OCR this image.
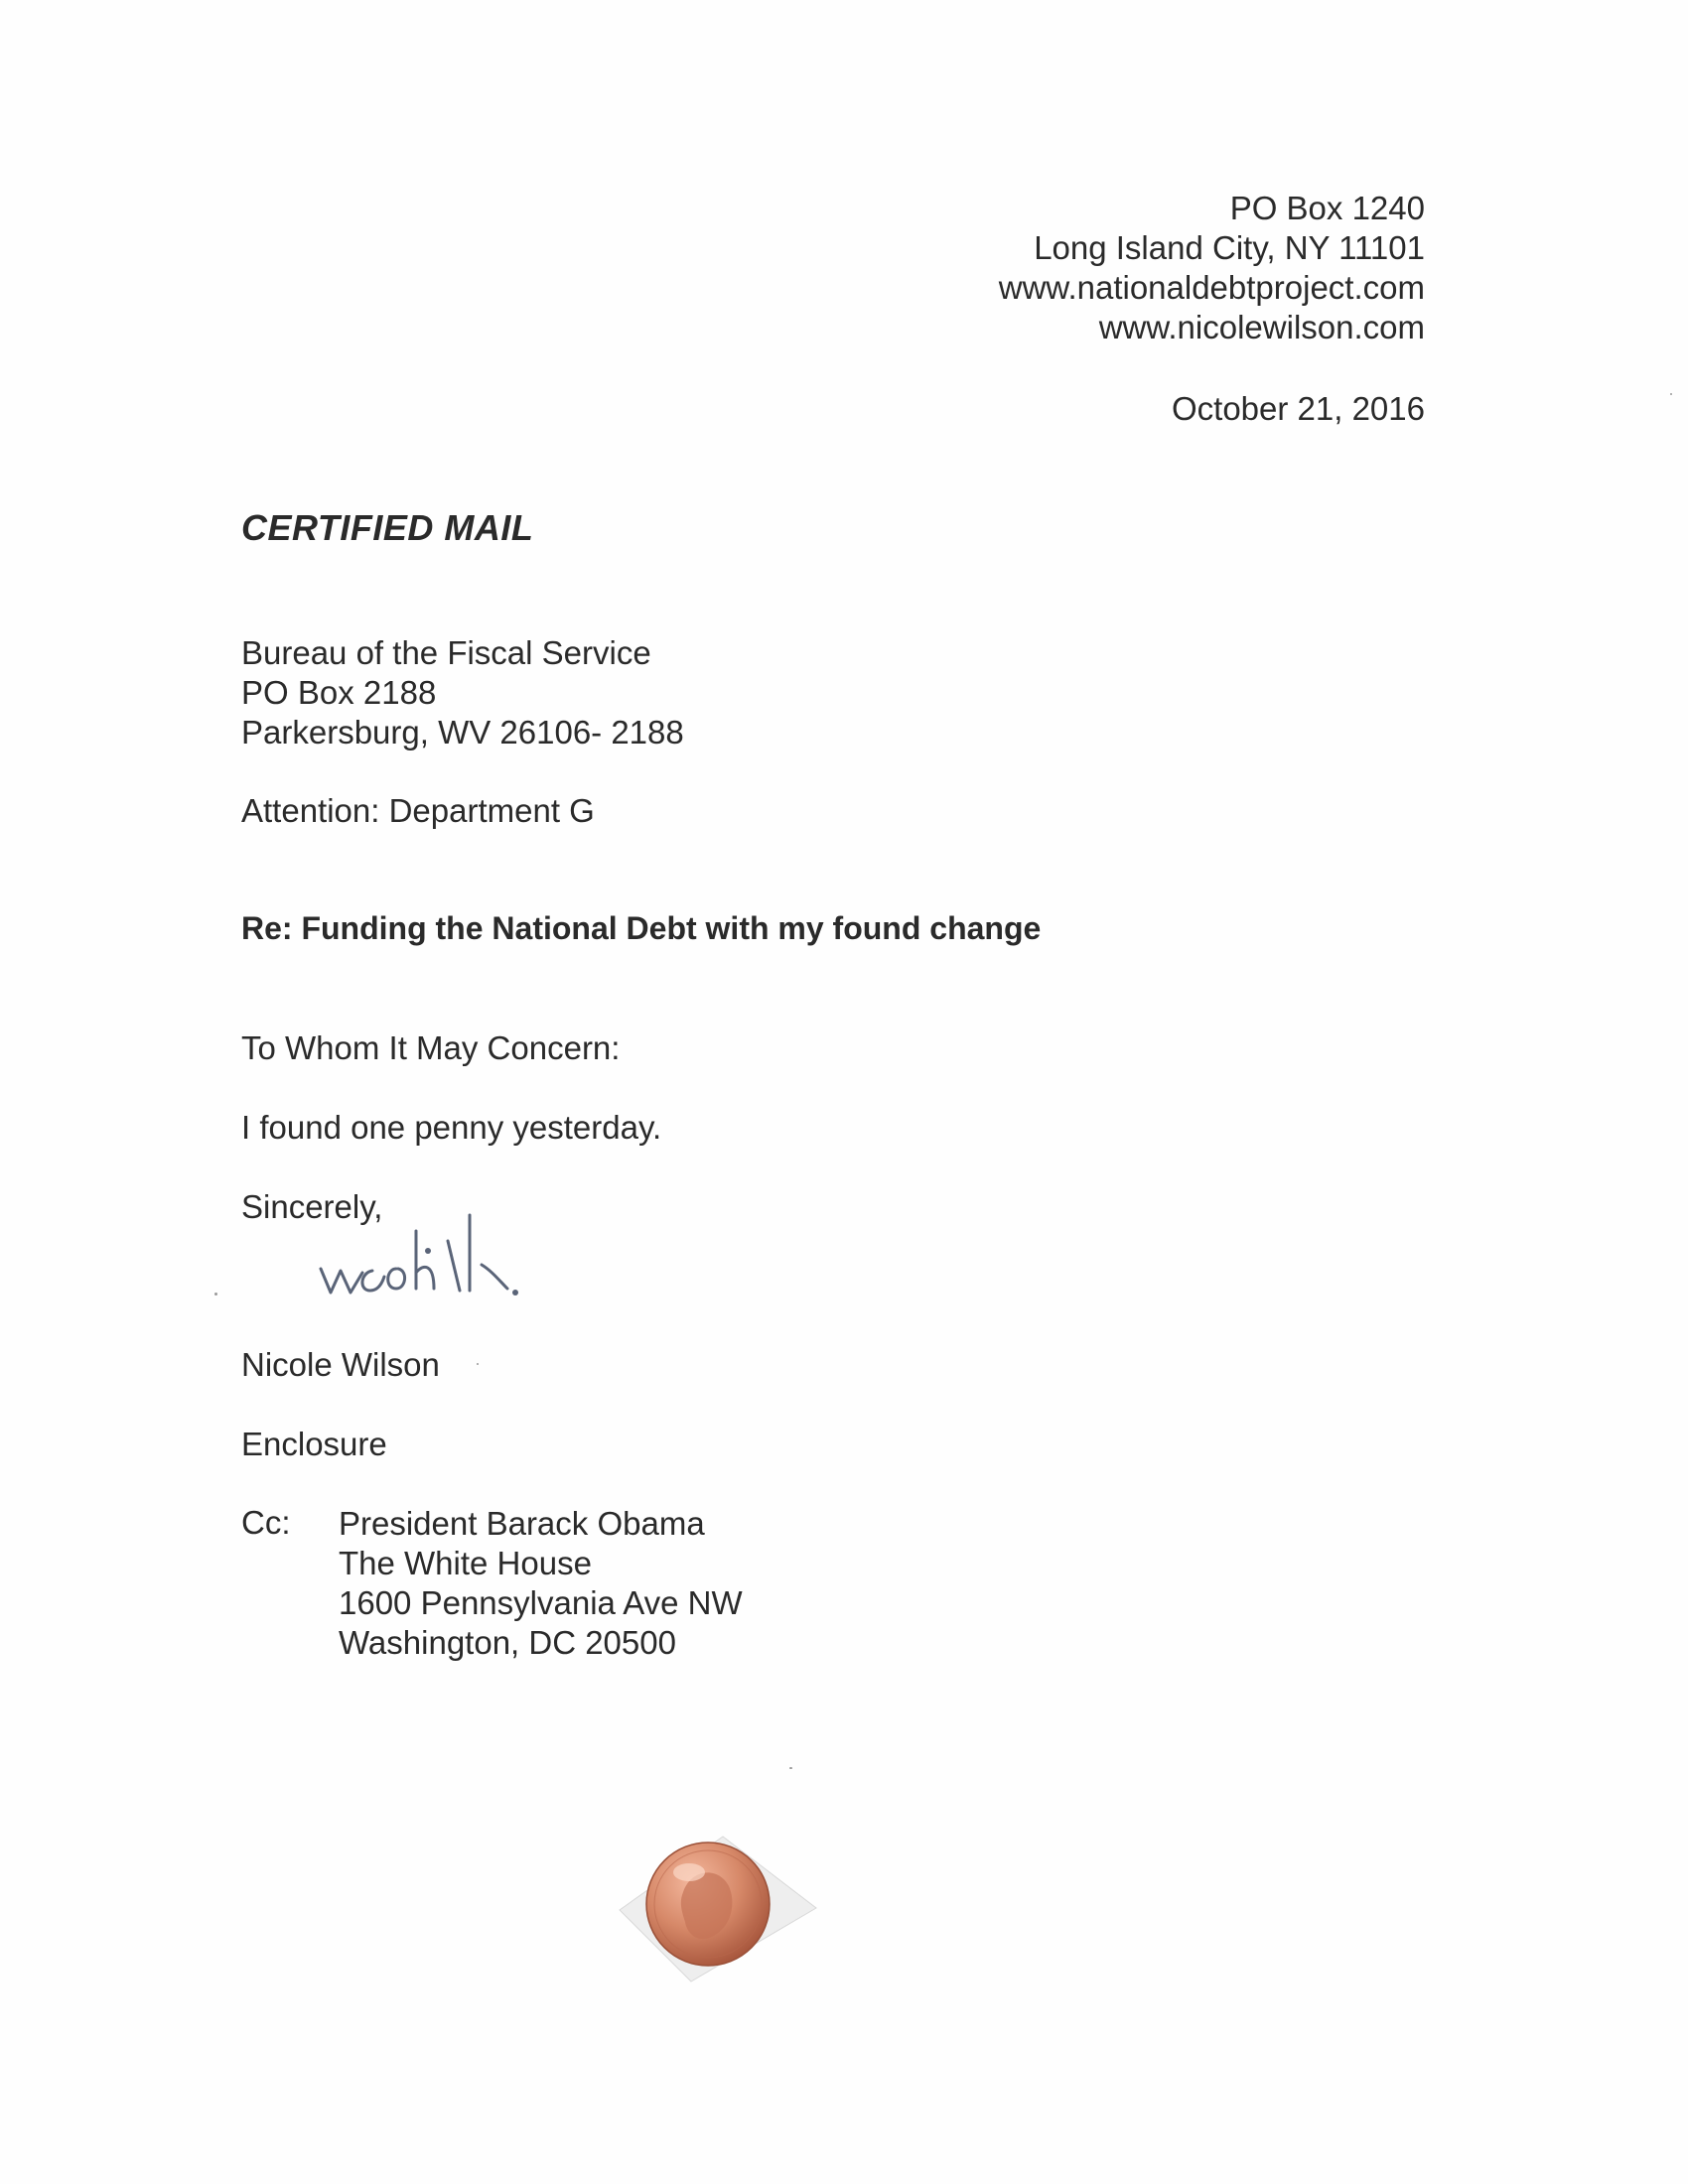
PO Box 1240
Long Island City, NY 11101
www.nationaldebtproject.com
www.nicolewilson.com
October 21, 2016
CERTIFIED MAIL
Bureau of the Fiscal Service
PO Box 2188
Parkersburg, WV 26106- 2188
Attention: Department G
Re: Funding the National Debt with my found change
To Whom It May Concern:
I found one penny yesterday.
Sincerely,
Nicole Wilson
Enclosure
Cc: President Barack Obama
The White House
1600 Pennsylvania Ave NW
Washington, DC 20500
